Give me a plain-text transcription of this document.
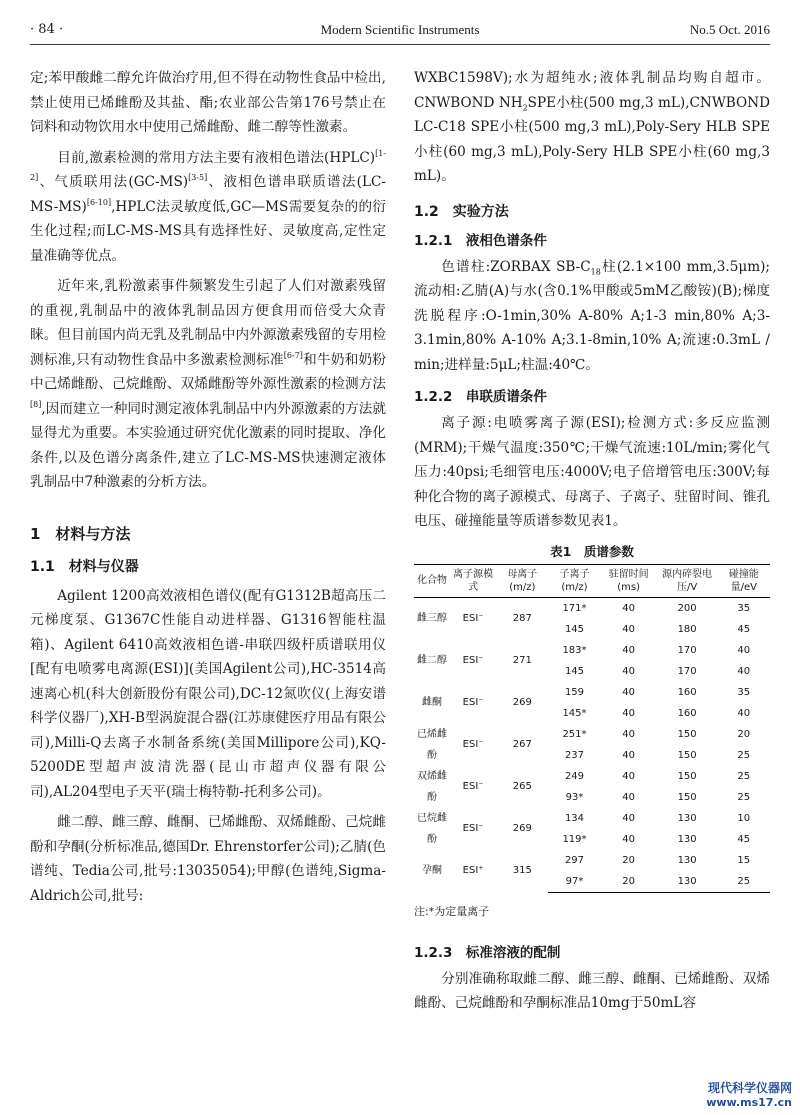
· 84 ·	Modern Scientific Instruments	No.5 Oct. 2016

定;苯甲酸雌二醇允许做治疗用,但不得在动物性食品中检出,禁止使用已烯雌酚及其盐、酯;农业部公告第176号禁止在饲料和动物饮用水中使用己烯雌酚、雌二醇等性激素。

目前,激素检测的常用方法主要有液相色谱法(HPLC)[1-2]、气质联用法(GC-MS)[3-5]、液相色谱串联质谱法(LC-MS-MS)[6-10],HPLC法灵敏度低,GC—MS需要复杂的的衍生化过程;而LC-MS-MS具有选择性好、灵敏度高,定性定量准确等优点。

近年来,乳粉激素事件频繁发生引起了人们对激素残留的重视,乳制品中的液体乳制品因方便食用而倍受大众青睐。但目前国内尚无乳及乳制品中内外源激素残留的专用检测标准,只有动物性食品中多激素检测标准[6-7]和牛奶和奶粉中己烯雌酚、己烷雌酚、双烯雌酚等外源性激素的检测方法[8],因而建立一种同时测定液体乳制品中内外源激素的方法就显得尤为重要。本实验通过研究优化激素的同时提取、净化条件,以及色谱分离条件,建立了LC-MS-MS快速测定液体乳制品中7种激素的分析方法。

1　材料与方法
1.1　材料与仪器

Agilent 1200高效液相色谱仪(配有G1312B超高压二元梯度泵、G1367C性能自动进样器、G1316智能柱温箱)、Agilent 6410高效液相色谱-串联四级杆质谱联用仪[配有电喷雾电离源(ESI)](美国Agilent公司),HC-3514高速离心机(科大创新股份有限公司),DC-12氮吹仪(上海安谱科学仪器厂),XH-B型涡旋混合器(江苏康健医疗用品有限公司),Milli-Q去离子水制备系统(美国Millipore公司),KQ-5200DE型超声波清洗器(昆山市超声仪器有限公司),AL204型电子天平(瑞士梅特勒-托利多公司)。

雌二醇、雌三醇、雌酮、已烯雌酚、双烯雌酚、己烷雌酚和孕酮(分析标准品,德国Dr. Ehrenstorfer公司);乙腈(色谱纯、Tedia公司,批号:13035054);甲醇(色谱纯,Sigma-Aldrich公司,批号:

WXBC1598V);水为超纯水;液体乳制品均购自超市。CNWBOND $NH_2SPE$小柱(500 mg,3 mL),CNWBOND LC-C18 SPE小柱(500 mg,3 mL),Poly-Sery HLB SPE小柱(60 mg,3 mL),Poly-Sery HLB SPE小柱(60 mg,3 mL)。

1.2　实验方法
1.2.1　液相色谱条件

色谱柱:ZORBAX $SB-C_{18}$柱(2.1×100 mm,3.5μm);流动相:乙腈(A)与水(含0.1%甲酸或5mM乙酸铵)(B);梯度洗脱程序:O-1min,30% A-80% A;1-3 min,80% A;3-3.1min,80% A-10% A;3.1-8min,10% A;流速:0.3mL / min;进样量:5μL;柱温:40℃。

1.2.2　串联质谱条件

离子源:电喷雾离子源(ESI);检测方式:多反应监测(MRM);干燥气温度:350℃;干燥气流速:10L/min;雾化气压力:40psi;毛细管电压:4000V;电子倍增管电压:300V;每种化合物的离子源模式、母离子、子离子、驻留时间、锥孔电压、碰撞能量等质谱参数见表1。

表1　质谱参数
化合物	离子源模式	母离子(m/z)	子离子(m/z)	驻留时间(ms)	源内碎裂电压/V	碰撞能量/eV
雌三醇	ESI⁻	287	171*	40	200	35
			145	40	180	45
雌二醇	ESI⁻	271	183*	40	170	40
			145	40	170	40
雌酮	ESI⁻	269	159	40	160	35
			145*	40	160	40
已烯雌酚	ESI⁻	267	251*	40	150	20
			237	40	150	25
双烯雌酚	ESI⁻	265	249	40	150	25
			93*	40	150	25
已烷雌酚	ESI⁻	269	134	40	130	10
			119*	40	130	45
孕酮	ESI⁺	315	297	20	130	15
			97*	20	130	25
注:*为定量离子
1.2.3　标准溶液的配制

分别准确称取雌二醇、雌三醇、雌酮、已烯雌酚、双烯雌酚、己烷雌酚和孕酮标准品10mg于50mL容

现代科学仪器网
www.ms17.cn
